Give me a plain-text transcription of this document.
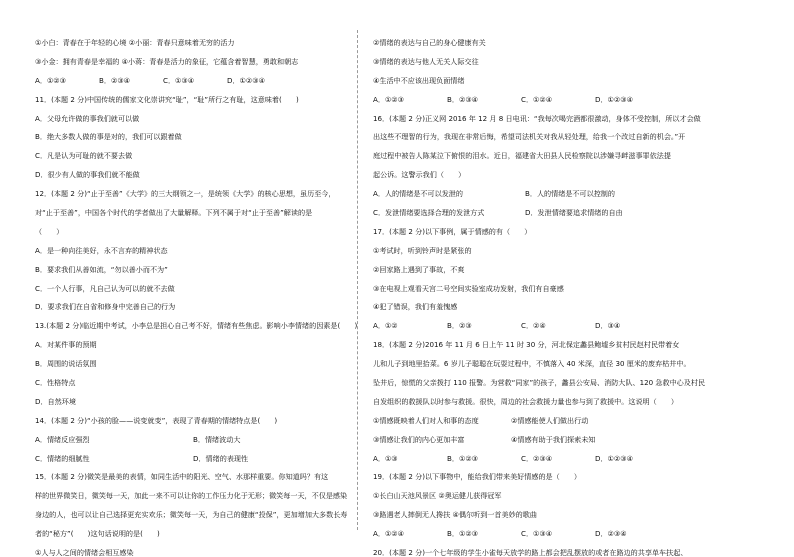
①小白：青春在于年轻的心境 ②小丽：青春只意味着无穷的活力

③小金：拥有青春是幸福的 ④小蒋：青春是活力的象征，它蕴含着智慧，勇敢和朝志

A．①②③	B．②③④	C．①③④	D．①②③④

11．(本题 2 分)中国传统的儒家文化崇讲究“耻”，“耻”所行之有耻，这意味着(　　)

A．父母允许做的事我们就可以做

B．绝大多数人做的事是对的，我们可以跟着做

C．凡是认为可耻的就不要去做

D．很少有人做的事我们就不能做

12．(本题 2 分)“止于至善”《大学》的三大纲领之一，是统领《大学》的核心思想，虽历至今，

对“止于至善”，中国各个时代的学者做出了大量解释。下列不属于对“止于至善”解读的是

（　　）

A．是一种向往美好，永不言弃的精神状态

B．要求我们从善如流，“勿以善小而不为”

C．一个人行事，凡自己认为可以的就不去做

D．要求我们在自省和修身中完善自己的行为

13.(本题 2 分)临近期中考试，小李总是担心自己考不好，情绪有些焦虑。影响小李情绪的因素是(　　)

A．对某件事的预期

B．周围的说话氛围

C．性格特点

D．自然环境

14．(本题 2 分)“小孩的脸——说变就变”，表现了青春期的情绪特点是(　　)

A．情绪反应强烈	B．情绪波动大
C．情绪的细腻性	D．情绪的表现性

15．(本题 2 分)微笑是最美的表情，如同生活中的阳光、空气、水那样重要。你知道吗？有这

样的世界微笑日，微笑每一天，加此一来不可以让你的工作压力化于无形；微笑每一天，不仅是感染

身边的人，也可以让自己选择更充实欢乐；微笑每一天，为自己的健康“投保”，更加增加大多数长寿

者的“秘方”(　　)这句话说明的是(　　)

①人与人之间的情绪会相互感染

②情绪的表达与自己的身心健康有关

③情绪的表达与他人无关人际交往

④生活中不应该出现负面情绪

A．①②③	B．②③④	C．①②④	D．①②③④

16．(本题 2 分)正义网 2016 年 12 月 8 日电讯：“我每次喝完酒都很激动，身体不受控制，所以才会做

出这些不理智的行为，我现在非常后悔，希望司法机关对我从轻处理，给我一个改过自新的机会。”开

庭过程中被告人陈某泣下俯恨的泪水。近日，福建省大田县人民检察院以涉嫌寻衅滋事罪依法提

起公诉。这警示我们（　　）

A．人的情绪是不可以发泄的	B．人的情绪是不可以控制的
C．发泄情绪要选择合理的发泄方式	D．发泄情绪要追求情绪的自由

17．(本题 2 分)以下事例，属于情感的有（　　）

①考试时，听到铃声时是紧张的

②回家路上遇到了事故，不爽

③在电视上观看天宫二号空间实验室成功发射，我们有自豪感

④犯了错误，我们有羞愧感

A．①②	B．②③	C．②④	D．③④

18．(本题 2 分)2016 年 11 月 6 日上午 11 时 30 分，河北保定蠡县鲍墟乡贫村民赵村民带着女

儿和儿子到地里拾菜。6 岁儿子聪聪在玩耍过程中，不慎落入 40 米深，直径 30 厘米的废弃枯井中。

坠井后，惊慌的父亲拨打 110 报警。为营救“同家”的孩子，蠡县公安局、消防大队、120 急救中心及村民

自发组织的救援队以时参与救援。很快，周边的社会救援力量也参与到了救援中。这说明（　　）

①情感既映着人们对人和事的态度	②情感能使人们做出行动
③情感让我们的内心更加丰富	④情感有助于我们探索未知
A．①③	B．①②③	C．②③④	D．①②③④

19．(本题 2 分)以下事物中，能给我们带来美好情感的是（　　）

①长白山天池风景区 ②奥运健儿获得冠军

③路遇老人摔倒无人搀扶 ④偶尔听到一首美妙的歌曲

A．①②④	B．①②③	C．①③④	D．②③④

20．(本题 2 分)一个七年级的学生小雀每天放学的路上都会把乱摆放的或者在路边的共享单车扶起、
